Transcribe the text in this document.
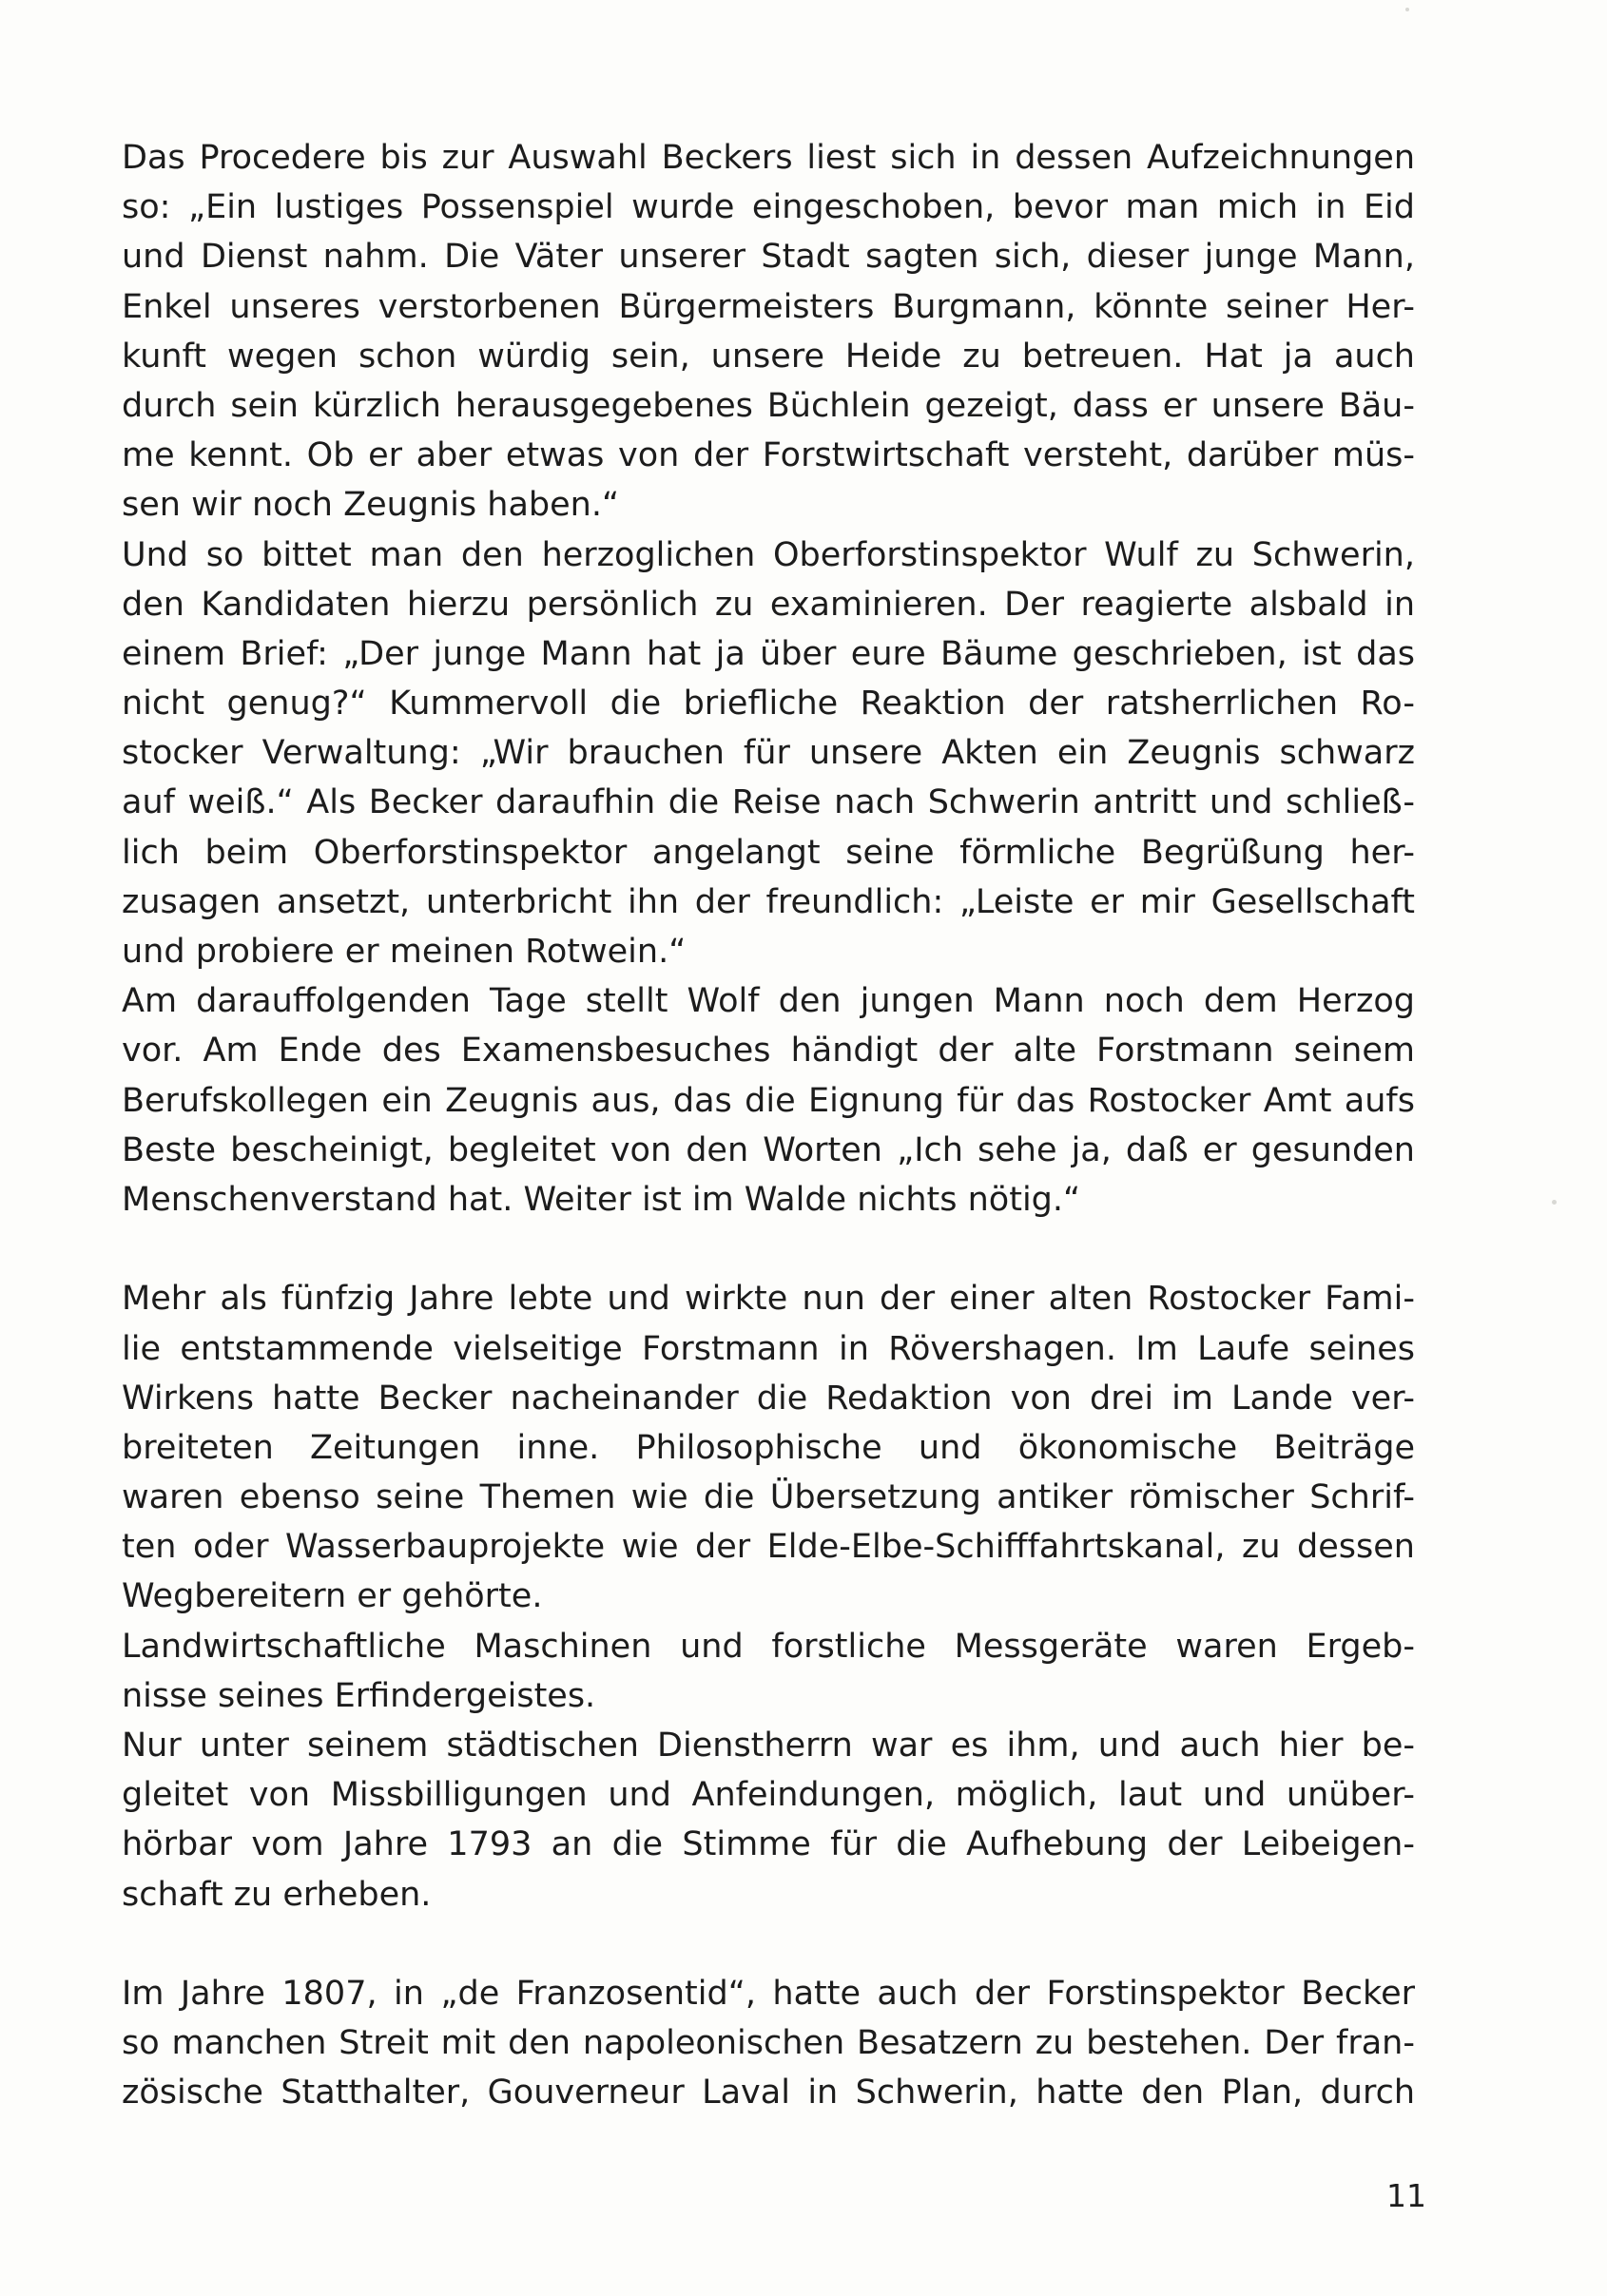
Das Procedere bis zur Auswahl Beckers liest sich in dessen Aufzeichnungen
so: „Ein lustiges Possenspiel wurde eingeschoben, bevor man mich in Eid
und Dienst nahm. Die Väter unserer Stadt sagten sich, dieser junge Mann,
Enkel unseres verstorbenen Bürgermeisters Burgmann, könnte seiner Her-
kunft wegen schon würdig sein, unsere Heide zu betreuen. Hat ja auch
durch sein kürzlich herausgegebenes Büchlein gezeigt, dass er unsere Bäu-
me kennt. Ob er aber etwas von der Forstwirtschaft versteht, darüber müs-
sen wir noch Zeugnis haben.“
Und so bittet man den herzoglichen Oberforstinspektor Wulf zu Schwerin,
den Kandidaten hierzu persönlich zu examinieren. Der reagierte alsbald in
einem Brief: „Der junge Mann hat ja über eure Bäume geschrieben, ist das
nicht genug?“ Kummervoll die briefliche Reaktion der ratsherrlichen Ro-
stocker Verwaltung: „Wir brauchen für unsere Akten ein Zeugnis schwarz
auf weiß.“ Als Becker daraufhin die Reise nach Schwerin antritt und schließ-
lich beim Oberforstinspektor angelangt seine förmliche Begrüßung her-
zusagen ansetzt, unterbricht ihn der freundlich: „Leiste er mir Gesellschaft
und probiere er meinen Rotwein.“
Am darauffolgenden Tage stellt Wolf den jungen Mann noch dem Herzog
vor. Am Ende des Examensbesuches händigt der alte Forstmann seinem
Berufskollegen ein Zeugnis aus, das die Eignung für das Rostocker Amt aufs
Beste bescheinigt, begleitet von den Worten „Ich sehe ja, daß er gesunden
Menschenverstand hat. Weiter ist im Walde nichts nötig.“
Mehr als fünfzig Jahre lebte und wirkte nun der einer alten Rostocker Fami-
lie entstammende vielseitige Forstmann in Rövershagen. Im Laufe seines
Wirkens hatte Becker nacheinander die Redaktion von drei im Lande ver-
breiteten Zeitungen inne. Philosophische und ökonomische Beiträge
waren ebenso seine Themen wie die Übersetzung antiker römischer Schrif-
ten oder Wasserbauprojekte wie der Elde-Elbe-Schifffahrtskanal, zu dessen
Wegbereitern er gehörte.
Landwirtschaftliche Maschinen und forstliche Messgeräte waren Ergeb-
nisse seines Erfindergeistes.
Nur unter seinem städtischen Dienstherrn war es ihm, und auch hier be-
gleitet von Missbilligungen und Anfeindungen, möglich, laut und unüber-
hörbar vom Jahre 1793 an die Stimme für die Aufhebung der Leibeigen-
schaft zu erheben.
Im Jahre 1807, in „de Franzosentid“, hatte auch der Forstinspektor Becker
so manchen Streit mit den napoleonischen Besatzern zu bestehen. Der fran-
zösische Statthalter, Gouverneur Laval in Schwerin, hatte den Plan, durch
11
